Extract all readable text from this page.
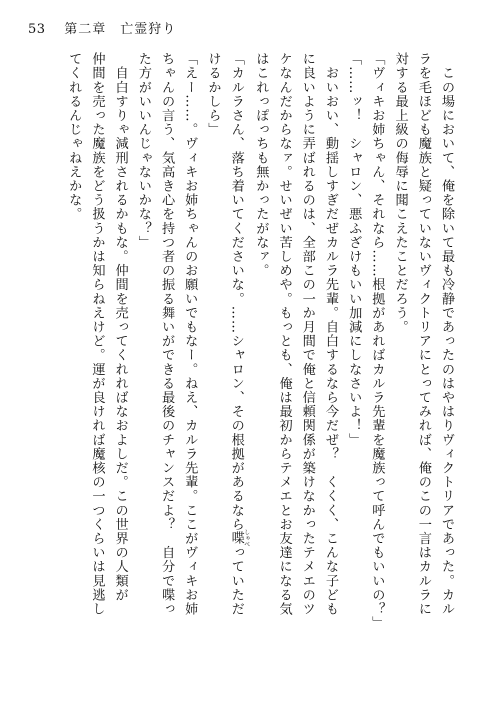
53 第二章　亡霊狩り
　この場において、俺を除いて最も冷静であったのはやはりヴィクトリアであった。カル
ラを毛ほども魔族と疑っていないヴィクトリアにとってみれば、俺のこの一言はカルラに
対する最上級の侮辱に聞こえたことだろう。
「ヴィキお姉ちゃん、それなら……根拠があればカルラ先輩を魔族って呼んでもいいの？」
「……ッ！　シャロン、悪ふざけもいい加減にしなさいよ！」
　おいおい、動揺しすぎだぜカルラ先輩。自白するなら今だぜ？　くくく、こんな子ども
に良いように弄ばれるのは、全部この一か月間で俺と信頼関係が築けなかったテメエのツ
ケなんだからなァ。せいぜい苦しめや。もっとも、俺は最初からテメエとお友達になる気
はこれっぽっちも無かったがなァ。
「カルラさん、落ち着いてくださいな。……シャロン、その根拠があるなら喋 しゃべっていただ
けるかしら」
「えー……。ヴィキお姉ちゃんのお願いでもなー。ねえ、カルラ先輩。ここがヴィキお姉
ちゃんの言う、気高き心を持つ者の振る舞いができる最後のチャンスだよ？　自分で喋っ
た方がいいんじゃないかな？」
　自白すりゃ減刑されるかもな。仲間を売ってくれればなおよしだ。この世界の人類が
仲間を売った魔族をどう扱うかは知らねえけど。運が良ければ魔核の一つくらいは見逃し
てくれるんじゃねえかな。
